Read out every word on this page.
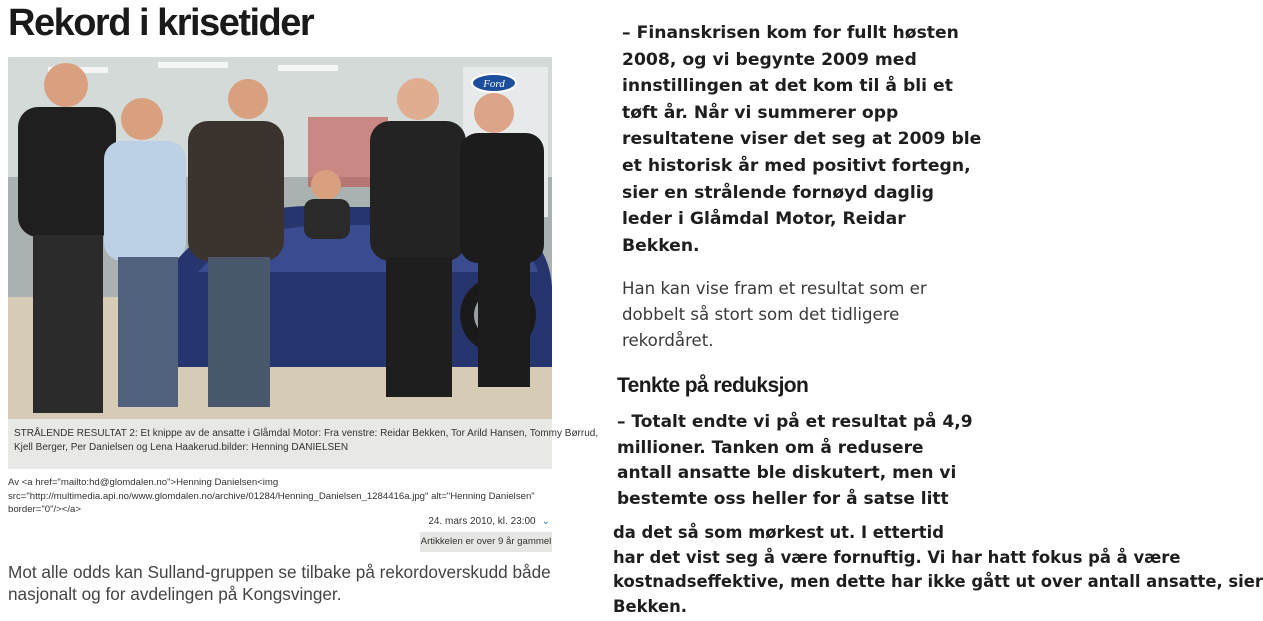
Rekord i krisetider
Ford
STRÅLENDE RESULTAT 2: Et knippe av de ansatte i Glåmdal Motor: Fra venstre: Reidar Bekken, Tor Arild Hansen, Tommy Børrud,
Kjell Berger, Per Danielsen og Lena Haakerud.bilder: Henning DANIELSEN
Av <a href="mailto:hd@glomdalen.no">Henning Danielsen<img
src="http://multimedia.api.no/www.glomdalen.no/archive/01284/Henning_Danielsen_1284416a.jpg" alt="Henning Danielsen"
border="0"/></a>
24. mars 2010, kl. 23:00 ⌄
Artikkelen er over 9 år gammel
Mot alle odds kan Sulland-gruppen se tilbake på rekordoverskudd både
nasjonalt og for avdelingen på Kongsvinger.
– Finanskrisen kom for fullt høsten
2008, og vi begynte 2009 med
innstillingen at det kom til å bli et
tøft år. Når vi summerer opp
resultatene viser det seg at 2009 ble
et historisk år med positivt fortegn,
sier en strålende fornøyd daglig
leder i Glåmdal Motor, Reidar
Bekken.
Han kan vise fram et resultat som er
dobbelt så stort som det tidligere
rekordåret.
Tenkte på reduksjon
– Totalt endte vi på et resultat på 4,9
millioner. Tanken om å redusere
antall ansatte ble diskutert, men vi
bestemte oss heller for å satse litt
da det så som mørkest ut. I ettertid
har det vist seg å være fornuftig. Vi har hatt fokus på å være
kostnadseffektive, men dette har ikke gått ut over antall ansatte, sier
Bekken.
